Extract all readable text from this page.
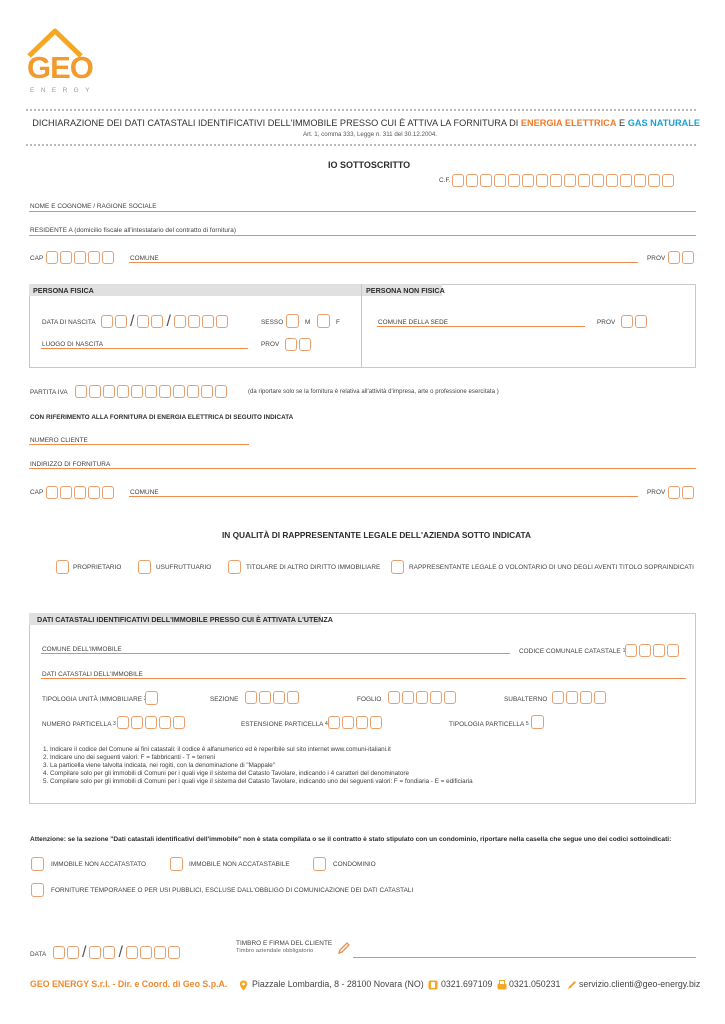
GEO
ENERGY
DICHIARAZIONE DEI DATI CATASTALI IDENTIFICATIVI DELL'IMMOBILE PRESSO CUI È ATTIVA LA FORNITURA DI ENERGIA ELETTRICA E GAS NATURALE
Art. 1, comma 333, Legge n. 311 del 30.12.2004.
IO SOTTOSCRITTO
C.F.
NOME E COGNOME / RAGIONE SOCIALE
RESIDENTE A (domicilio fiscale all'intestatario del contratto di fornitura)
CAP	COMUNE	PROV
PERSONA FISICA	PERSONA NON FISICA
DATA DI NASCITA / /	SESSO	M	F
LUOGO DI NASCITA	PROV
COMUNE DELLA SEDE	PROV
PARTITA IVA	(da riportare solo se la fornitura è relativa all'attività d'impresa, arte o professione esercitata )
CON RIFERIMENTO ALLA FORNITURA DI ENERGIA ELETTRICA DI SEGUITO INDICATA
NUMERO CLIENTE
INDIRIZZO DI FORNITURA
CAP	COMUNE	PROV
IN QUALITÀ DI RAPPRESENTANTE LEGALE DELL'AZIENDA SOTTO INDICATA
PROPRIETARIO	USUFRUTTUARIO	TITOLARE DI ALTRO DIRITTO IMMOBILIARE	RAPPRESENTANTE LEGALE O VOLONTARIO DI UNO DEGLI AVENTI TITOLO SOPRAINDICATI
DATI CATASTALI IDENTIFICATIVI DELL'IMMOBILE PRESSO CUI È ATTIVATA L'UTENZA
COMUNE DELL'IMMOBILE	CODICE COMUNALE CATASTALE $^1$
DATI CATASTALI DELL'IMMOBILE
TIPOLOGIA UNITÀ IMMOBILIARE	SEZIONE	FOGLIO	SUBALTERNO
NUMERO PARTICELLA $^3$	ESTENSIONE PARTICELLA $^4$	TIPOLOGIA PARTICELLA $^5$
1. Indicare il codice del Comune ai fini catastali: il codice è alfanumerico ed è reperibile sul sito internet www.comuni-italiani.it
2. Indicare uno dei seguenti valori: F = fabbricanti - T = terreni
3. La particella viene talvolta indicata, nei rogiti, con la denominazione di "Mappale"
4. Compilare solo per gli immobili di Comuni per i quali vige il sistema del Catasto Tavolare, indicando i 4 caratteri del denominatore
5. Compilare solo per gli immobili di Comuni per i quali vige il sistema del Catasto Tavolare, indicando uno dei seguenti valori: F = fondiaria - E = edificiaria
Attenzione: se la sezione "Dati catastali identificativi dell'immobile" non è stata compilata o se il contratto è stato stipulato con un condominio, riportare nella casella che segue uno dei codici sottoindicati:
IMMOBILE NON ACCATASTATO	IMMOBILE NON ACCATASTABILE	CONDOMINIO
FORNITURE TEMPORANEE O PER USI PUBBLICI, ESCLUSE DALL'OBBLIGO DI COMUNICAZIONE DEI DATI CATASTALI
DATA / /	TIMBRO E FIRMA DEL CLIENTE
Timbro aziendale obbligatorio
GEO ENERGY S.r.l. - Dir. e Coord. di Geo S.p.A.	Piazzale Lombardia, 8 - 28100 Novara (NO) 0321.697109 0321.050231 servizio.clienti@geo-energy.biz
